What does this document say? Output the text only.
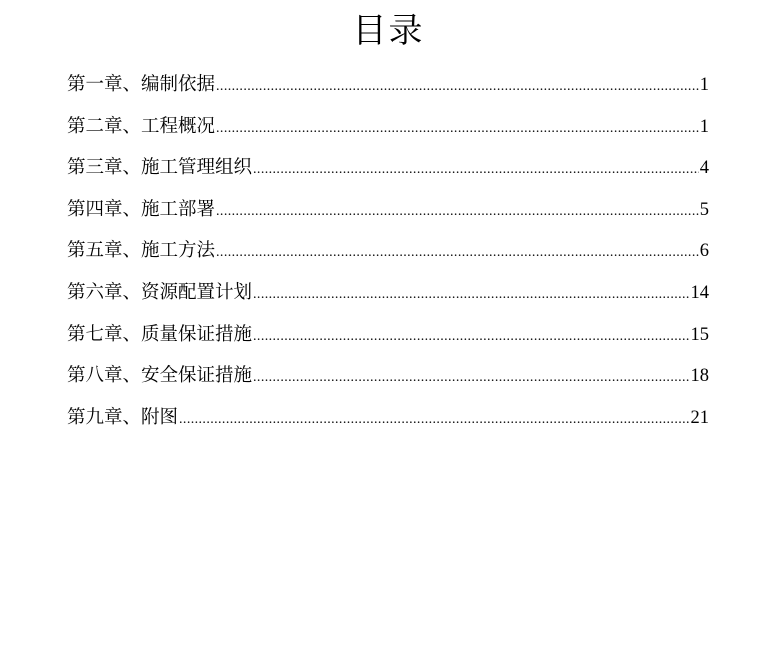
目录
第一章、编制依据 .....	1
第二章、工程概况 .....	1
第三章、施工管理组织 .....	4
第四章、施工部署 .....	5
第五章、施工方法 .....	6
第六章、资源配置计划 .....	14
第七章、质量保证措施 .....	15
第八章、安全保证措施 .....	18
第九章、附图 .....	21
